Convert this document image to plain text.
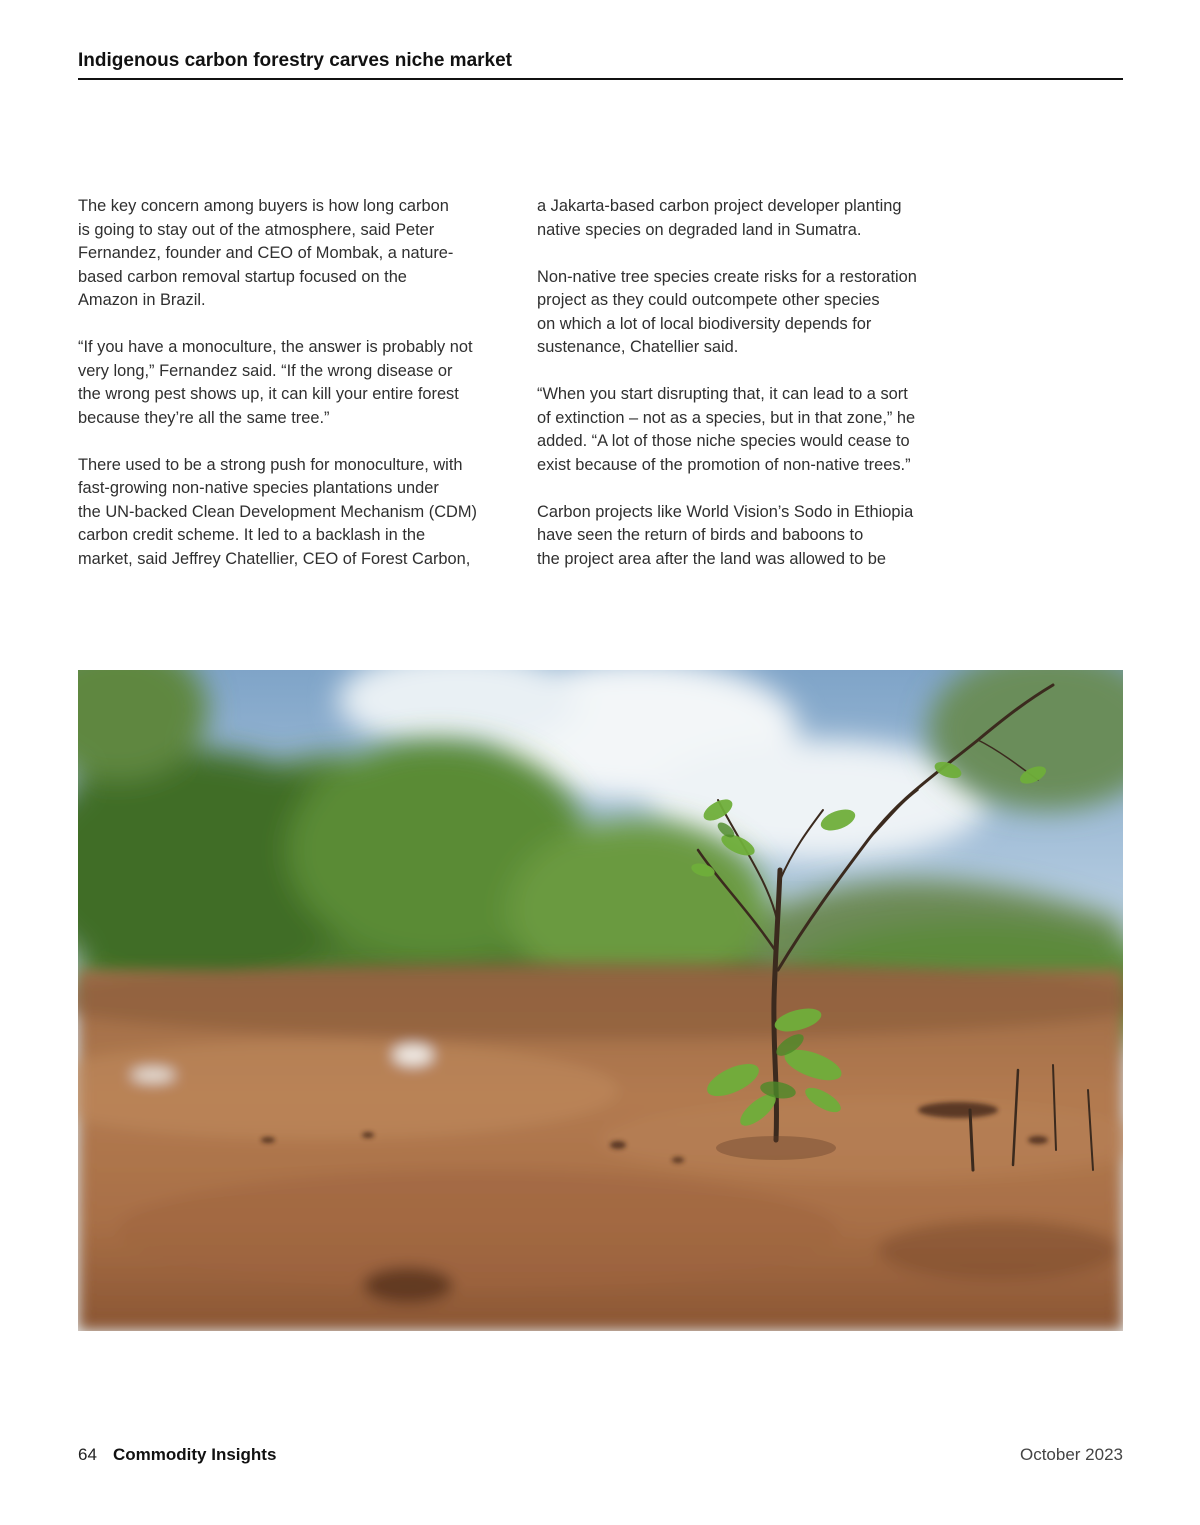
Indigenous carbon forestry carves niche market

The key concern among buyers is how long carbon
is going to stay out of the atmosphere, said Peter
Fernandez, founder and CEO of Mombak, a nature-
based carbon removal startup focused on the
Amazon in Brazil.

“If you have a monoculture, the answer is probably not
very long,” Fernandez said. “If the wrong disease or
the wrong pest shows up, it can kill your entire forest
because they’re all the same tree.”

There used to be a strong push for monoculture, with
fast-growing non-native species plantations under
the UN-backed Clean Development Mechanism (CDM)
carbon credit scheme. It led to a backlash in the
market, said Jeffrey Chatellier, CEO of Forest Carbon,

a Jakarta-based carbon project developer planting
native species on degraded land in Sumatra.

Non-native tree species create risks for a restoration
project as they could outcompete other species
on which a lot of local biodiversity depends for
sustenance, Chatellier said.

“When you start disrupting that, it can lead to a sort
of extinction – not as a species, but in that zone,” he
added. “A lot of those niche species would cease to
exist because of the promotion of non-native trees.”

Carbon projects like World Vision’s Sodo in Ethiopia
have seen the return of birds and baboons to
the project area after the land was allowed to be

64 Commodity Insights	October 2023
